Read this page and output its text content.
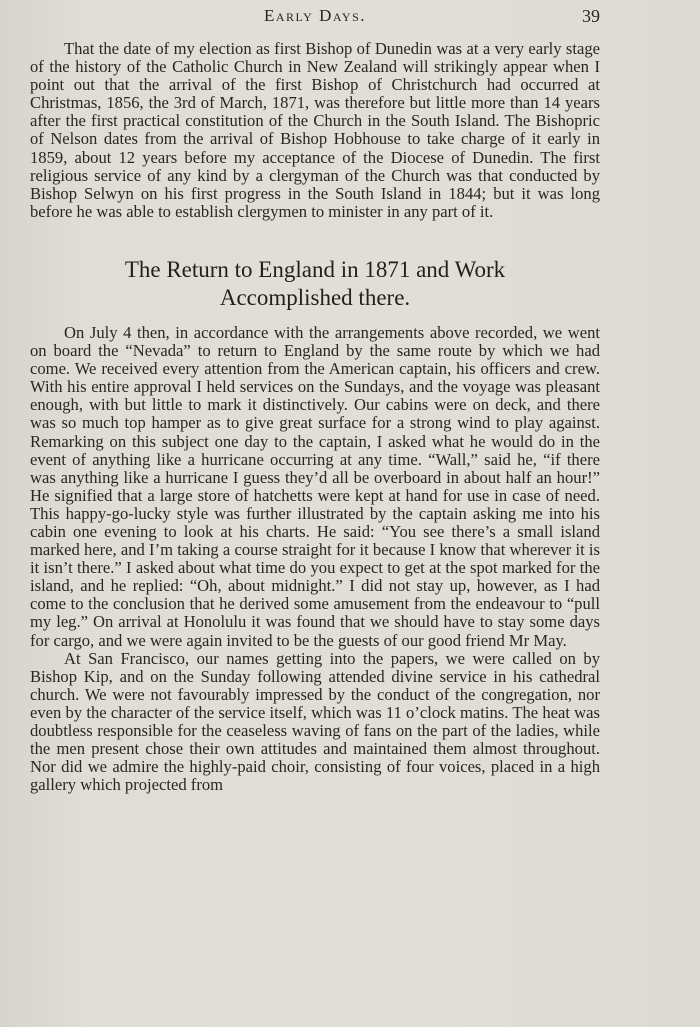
Early Days.	39

That the date of my election as first Bishop of Dunedin was at a very early stage of the history of the Catholic Church in New Zealand will strikingly appear when I point out that the arrival of the first Bishop of Christchurch had occurred at Christmas, 1856, the 3rd of March, 1871, was therefore but little more than 14 years after the first practical constitution of the Church in the South Island. The Bishopric of Nelson dates from the arrival of Bishop Hobhouse to take charge of it early in 1859, about 12 years before my acceptance of the Diocese of Dunedin. The first religious service of any kind by a clergyman of the Church was that conducted by Bishop Selwyn on his first progress in the South Island in 1844; but it was long before he was able to establish clergymen to minister in any part of it.

The Return to England in 1871 and Work
Accomplished there.

On July 4 then, in accordance with the arrangements above recorded, we went on board the “Nevada” to return to England by the same route by which we had come. We received every attention from the American captain, his officers and crew. With his entire approval I held services on the Sundays, and the voyage was pleasant enough, with but little to mark it distinctively. Our cabins were on deck, and there was so much top hamper as to give great surface for a strong wind to play against. Remarking on this subject one day to the captain, I asked what he would do in the event of anything like a hurricane occurring at any time. “Wall,” said he, “if there was anything like a hurricane I guess they’d all be overboard in about half an hour!” He signified that a large store of hatchetts were kept at hand for use in case of need. This happy-go-lucky style was further illustrated by the captain asking me into his cabin one evening to look at his charts. He said: “You see there’s a small island marked here, and I’m taking a course straight for it because I know that wherever it is it isn’t there.” I asked about what time do you expect to get at the spot marked for the island, and he replied: “Oh, about midnight.” I did not stay up, however, as I had come to the conclusion that he derived some amusement from the endeavour to “pull my leg.” On arrival at Honolulu it was found that we should have to stay some days for cargo, and we were again invited to be the guests of our good friend Mr May.

At San Francisco, our names getting into the papers, we were called on by Bishop Kip, and on the Sunday following attended divine service in his cathedral church. We were not favourably impressed by the conduct of the congregation, nor even by the character of the service itself, which was 11 o’clock matins. The heat was doubtless responsible for the ceaseless waving of fans on the part of the ladies, while the men present chose their own attitudes and maintained them almost throughout. Nor did we admire the highly-paid choir, consisting of four voices, placed in a high gallery which projected from
